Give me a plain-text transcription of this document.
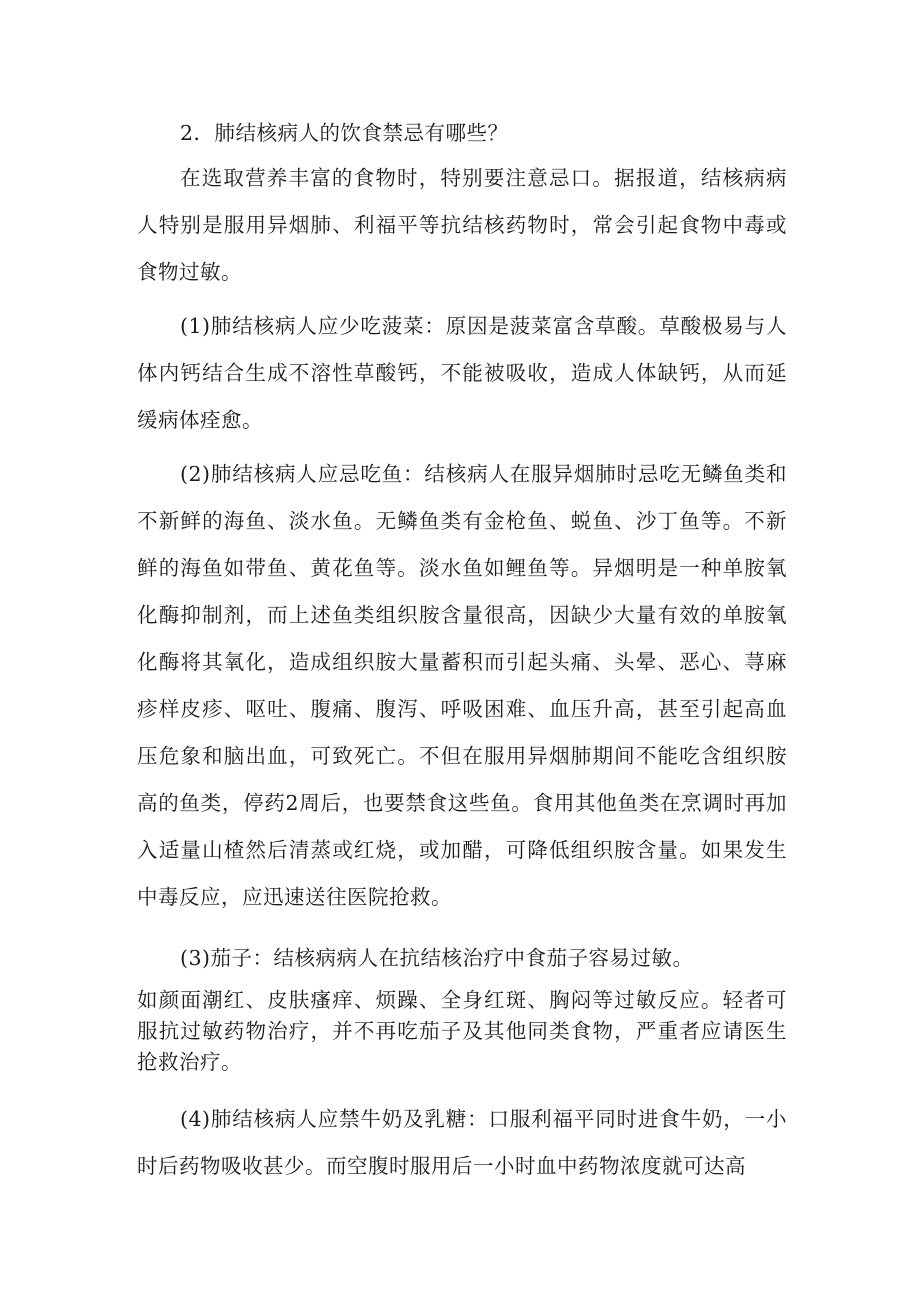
2．肺结核病人的饮食禁忌有哪些？

在选取营养丰富的食物时，特别要注意忌口。据报道，结核病病人特别是服用异烟肺、利福平等抗结核药物时，常会引起食物中毒或食物过敏。

(1)肺结核病人应少吃菠菜：原因是菠菜富含草酸。草酸极易与人体内钙结合生成不溶性草酸钙，不能被吸收，造成人体缺钙，从而延缓病体痊愈。

(2)肺结核病人应忌吃鱼：结核病人在服异烟肺时忌吃无鳞鱼类和不新鲜的海鱼、淡水鱼。无鳞鱼类有金枪鱼、蜕鱼、沙丁鱼等。不新鲜的海鱼如带鱼、黄花鱼等。淡水鱼如鲤鱼等。异烟明是一种单胺氧化酶抑制剂，而上述鱼类组织胺含量很高，因缺少大量有效的单胺氧化酶将其氧化，造成组织胺大量蓄积而引起头痛、头晕、恶心、荨麻疹样皮疹、呕吐、腹痛、腹泻、呼吸困难、血压升高，甚至引起高血压危象和脑出血，可致死亡。不但在服用异烟肺期间不能吃含组织胺高的鱼类，停药2周后，也要禁食这些鱼。食用其他鱼类在烹调时再加入适量山楂然后清蒸或红烧，或加醋，可降低组织胺含量。如果发生中毒反应，应迅速送往医院抢救。

(3)茄子：结核病病人在抗结核治疗中食茄子容易过敏。

如颜面潮红、皮肤瘙痒、烦躁、全身红斑、胸闷等过敏反应。轻者可服抗过敏药物治疗，并不再吃茄子及其他同类食物，严重者应请医生抢救治疗。

(4)肺结核病人应禁牛奶及乳糖：口服利福平同时进食牛奶，一小时后药物吸收甚少。而空腹时服用后一小时血中药物浓度就可达高
